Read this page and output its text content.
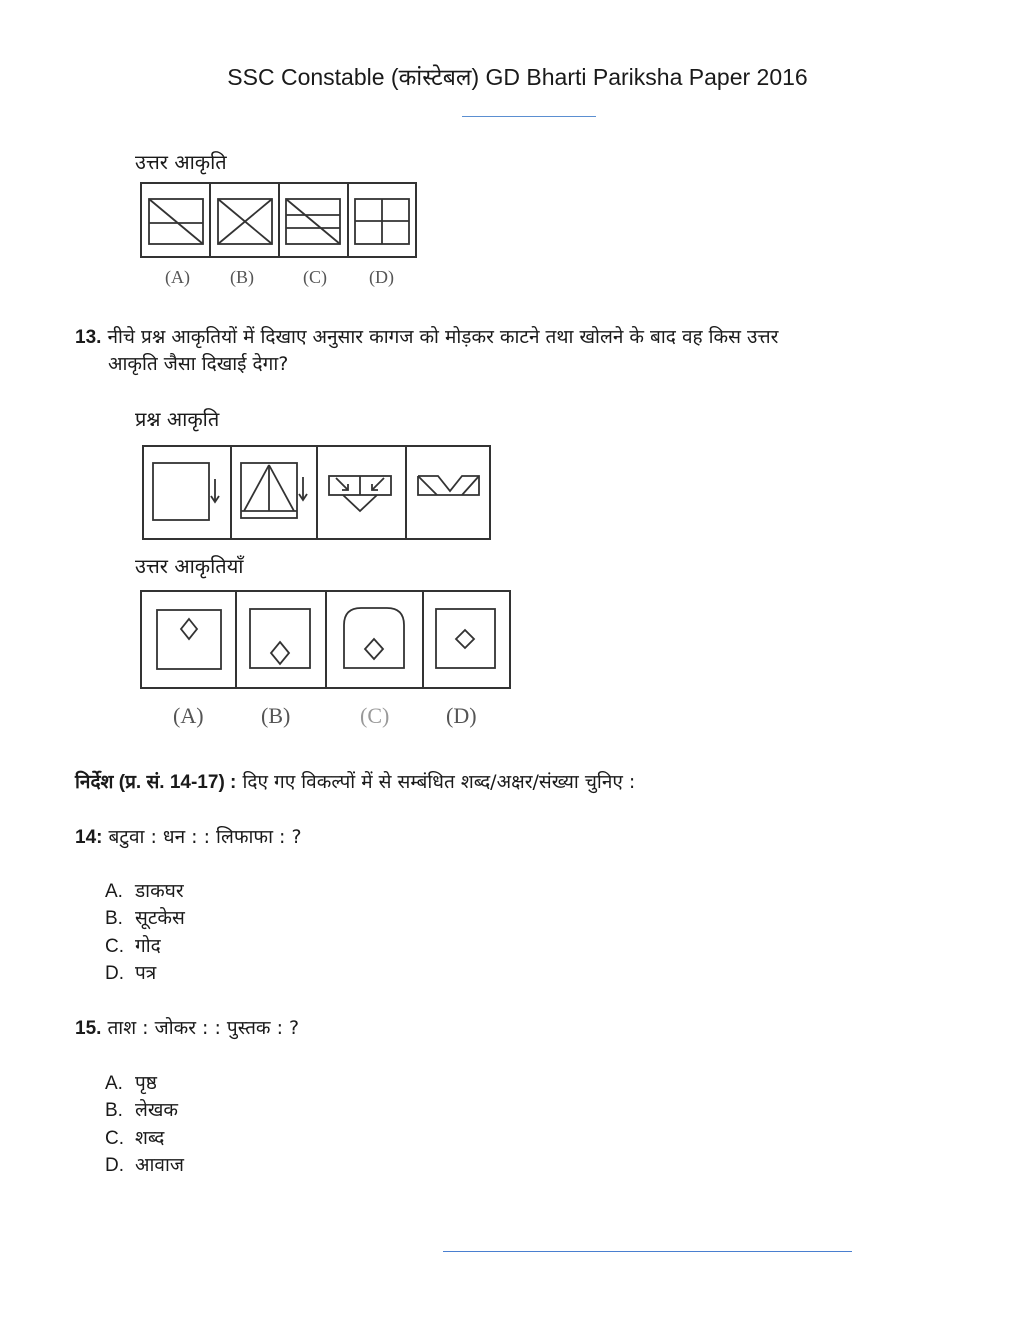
SSC Constable (कांस्टेबल) GD Bharti Pariksha Paper 2016
उत्तर आकृति
(A) (B)	(C) (D)
13. नीचे प्रश्न आकृतियों में दिखाए अनुसार कागज को मोड़कर काटने तथा खोलने के बाद वह किस उत्तर
आकृति जैसा दिखाई देगा?
प्रश्न आकृति
उत्तर आकृतियाँ
(A)	(B)	(C)	(D)
निर्देश (प्र. सं. 14-17) : दिए गए विकल्पों में से सम्बंधित शब्द/अक्षर/संख्या चुनिए :
14: बटुवा : धन : : लिफाफा : ?
A. डाकघर
B. सूटकेस
C. गोद
D. पत्र
15. ताश : जोकर : : पुस्तक : ?
A. पृष्ठ
B. लेखक
C. शब्द
D. आवाज
